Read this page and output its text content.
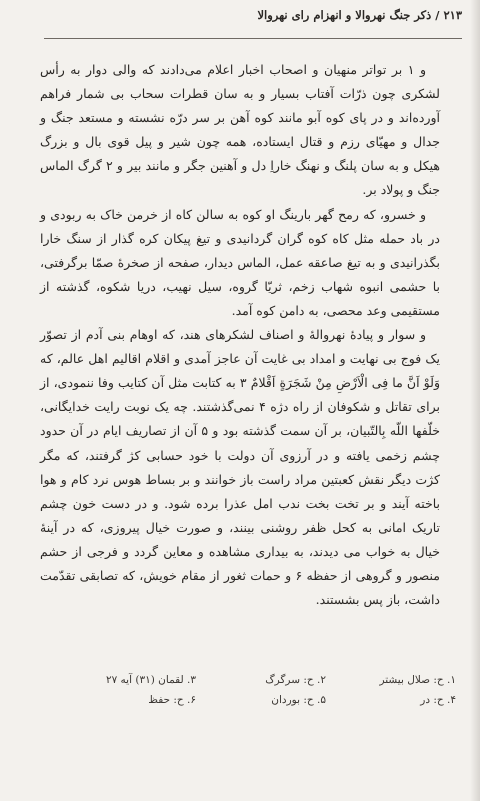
۲۱۳ / ذکر جنگ نهروالا و انهزام رای نهروالا

و ۱ بر تواتر منهیان و اصحاب اخبار اعلام می‌دادند که والی دوار به رأس لشکری چون ذرّات آفتاب بسیار و به سان قطرات سحاب بی شمار فراهم آورده‌اند و در پای کوه آبو مانند کوه آهن بر سر درّه نشسته و مستعد جنگ و جدال و مهیّای رزم و قتال ایستاده، همه چون شیر و پیل قوی بال و بزرگ هیکل و به سان پلنگ و نهنگ خاراِ دل و آهنین جگر و مانند بیر و ۲ گرگ الماس جنگ و پولاد بر.

و خسرو، که رمح گهر بارینگ او کوه به سالن کاه از خرمن خاک به ربودی و در باد حمله مثل کاه کوه گران گردانیدی و تیغ پیکان کره گذار از سنگ خارا بگذرانیدی و به تیغ صاعقه عمل، الماس دیدار، صفحه از صخرهٔ صمّا برگرفتی، با حشمی انبوه شهاب زخم، ثریّا گروه، سیل نهیب، دریا شکوه، گذشته از مستقیمی وعد محصی، به دامن کوه آمد.

و سوار و پیادهٔ نهروالهٔ و اصناف لشکرهای هند، که اوهام بنی آدم از تصوّر یک فوج بی نهایت و امداد بی غایت آن عاجز آمدی و اقلام اقالیم اهل عالم، که وَلَوْ اَنَّ ما فِی الْاَرْضِ مِنْ شَجَرَةٍ اَقْلامٌ ۳ به کتابت مثل آن کتایب وفا ننمودی، از برای تقاتل و شکوفان از راه دژه ۴ نمی‌گذشتند. چه یک نوبت رایت خدایگانی، خلّفها اللّه بِالتّبیان، بر آن سمت گذشته بود و ۵ آن از تصاریف ایام در آن حدود چشم زخمی یافته و در آرزوی آن دولت با خود حسابی کژ گرفتند، که مگر کژت دیگر نقش کعبتین مراد راست باز خوانند و بر بساط هوس نرد کام و هوا باخته آیند و بر تخت بخت ندب امل عذرا برده شود. و در دست خون چشم تاریک امانی به کحل ظفر روشنی بینند، و صورت خیال پیروزی، که در آینهٔ خیال به خواب می دیدند، به بیداری مشاهده و معاین گردد و فرجی از حشم منصور و گروهی از حفظه ۶ و حمات ثغور از مقام خویش، که تصابقی تقدّمت داشت، باز پس بشستند.

۱. ح: صلال بیشتر
۲. ح: سرگرگ
۳. لقمان (۳۱) آیه ۲۷
۴. ح: در
۵. ح: بوردان
۶. ح: حفظ
